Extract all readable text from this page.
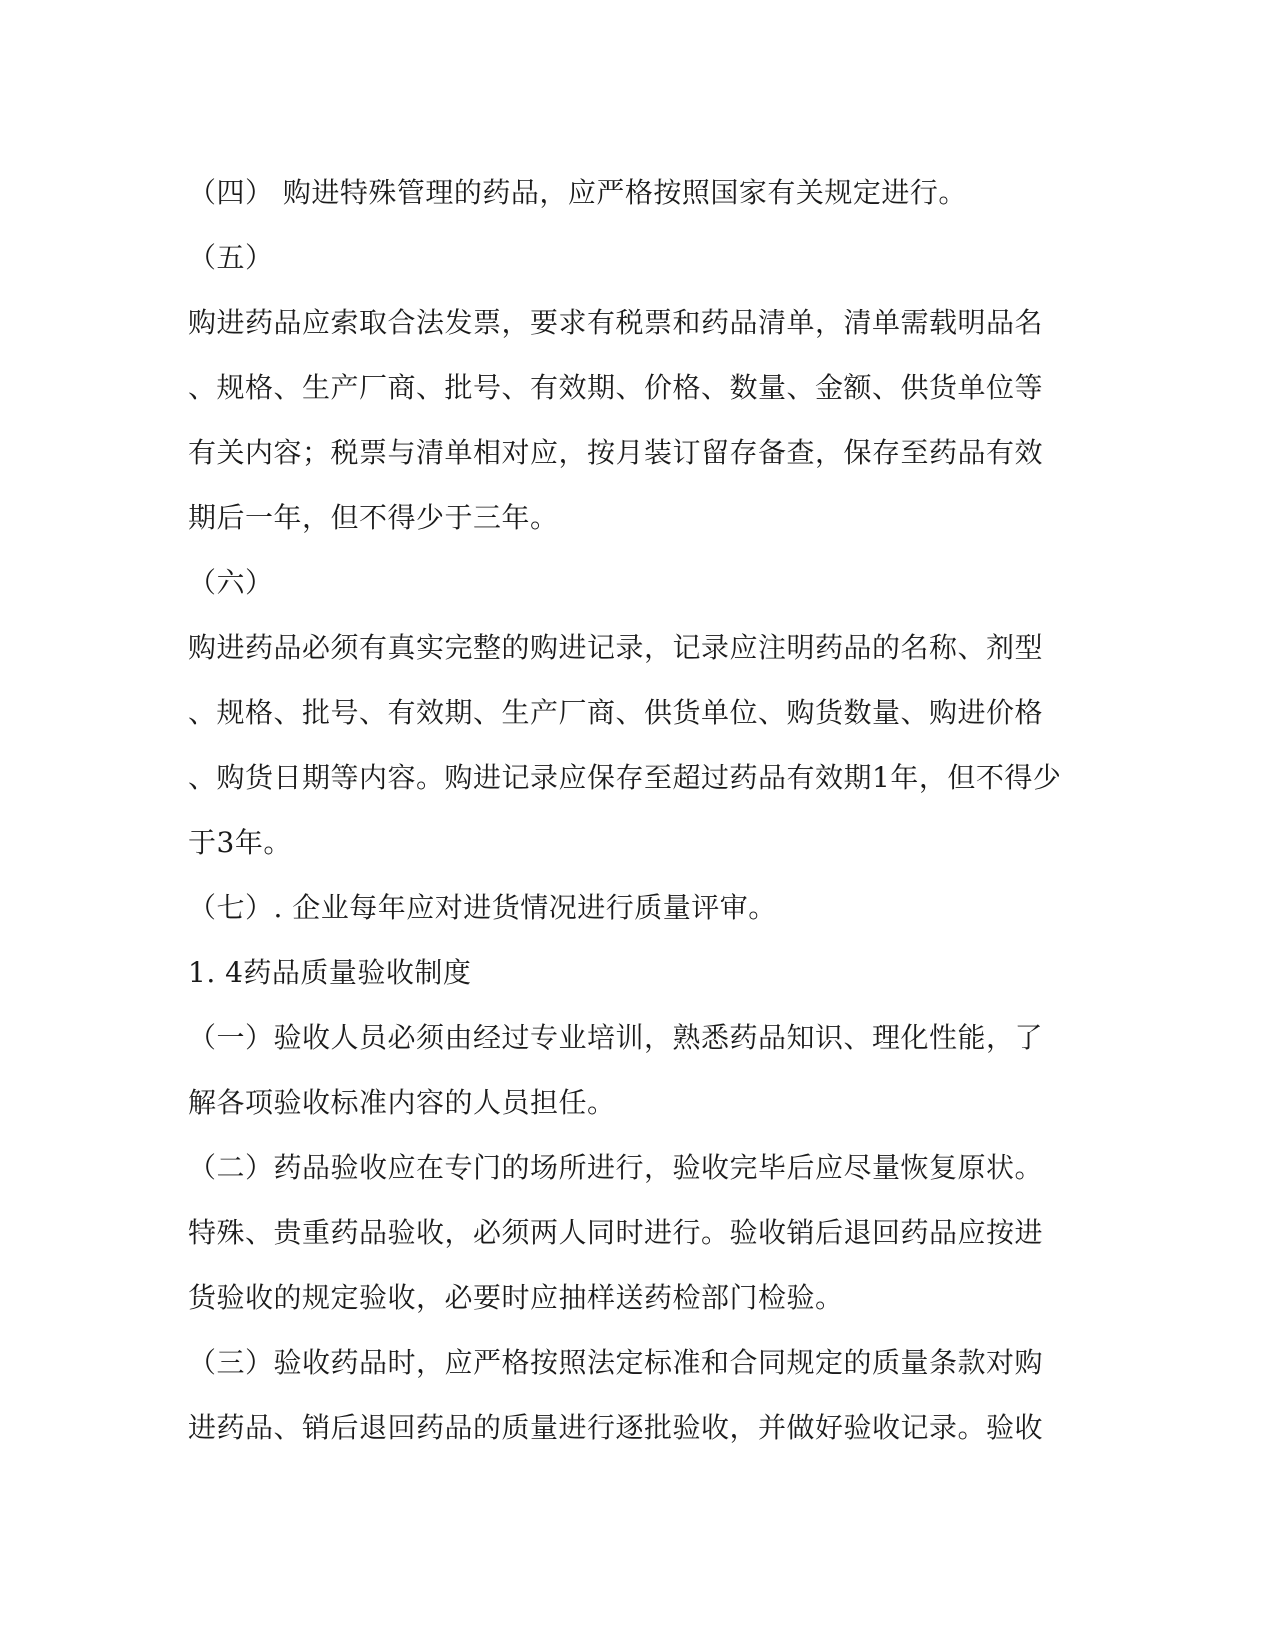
（四） 购进特殊管理的药品，应严格按照国家有关规定进行。
（五）
购进药品应索取合法发票，要求有税票和药品清单，清单需载明品名
、规格、生产厂商、批号、有效期、价格、数量、金额、供货单位等
有关内容；税票与清单相对应，按月装订留存备查，保存至药品有效
期后一年，但不得少于三年。
（六）
购进药品必须有真实完整的购进记录，记录应注明药品的名称、剂型
、规格、批号、有效期、生产厂商、供货单位、购货数量、购进价格
、购货日期等内容。购进记录应保存至超过药品有效期1年，但不得少
于3年。
（七）. 企业每年应对进货情况进行质量评审。
1. 4药品质量验收制度
（一）验收人员必须由经过专业培训，熟悉药品知识、理化性能，了
解各项验收标准内容的人员担任。
（二）药品验收应在专门的场所进行，验收完毕后应尽量恢复原状。
特殊、贵重药品验收，必须两人同时进行。验收销后退回药品应按进
货验收的规定验收，必要时应抽样送药检部门检验。
（三）验收药品时，应严格按照法定标准和合同规定的质量条款对购
进药品、销后退回药品的质量进行逐批验收，并做好验收记录。验收
